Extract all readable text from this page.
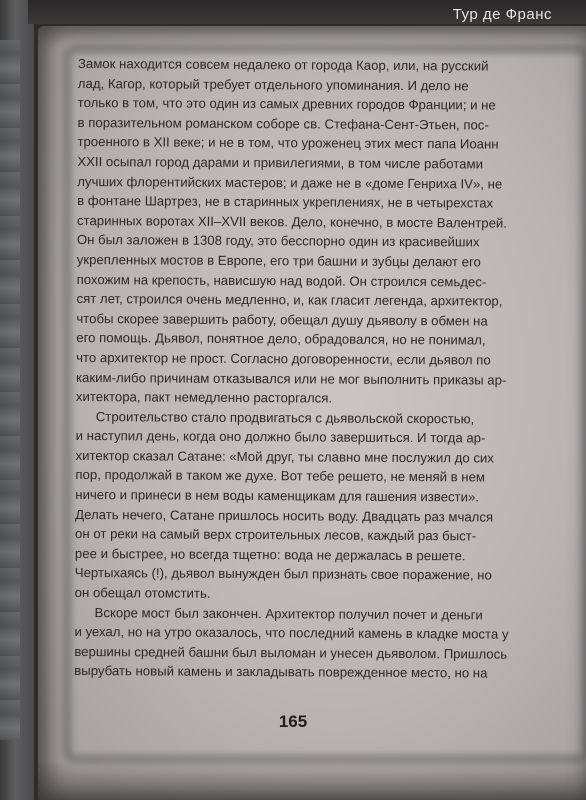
Тур де Франс
Замок находится совсем недалеко от города Каор, или, на русский
лад, Кагор, который требует отдельного упоминания. И дело не
только в том, что это один из самых древних городов Франции; и не
в поразительном романском соборе св. Стефана-Сент-Этьен, пос-
троенного в XII веке; и не в том, что уроженец этих мест папа Иоанн
XXII осыпал город дарами и привилегиями, в том числе работами
лучших флорентийских мастеров; и даже не в «доме Генриха IV», не
в фонтане Шартрез, не в старинных укреплениях, не в четырехстах
старинных воротах XII–XVII веков. Дело, конечно, в мосте Валентрей.
Он был заложен в 1308 году, это бесспорно один из красивейших
укрепленных мостов в Европе, его три башни и зубцы делают его
похожим на крепость, нависшую над водой. Он строился семьдес-
сят лет, строился очень медленно, и, как гласит легенда, архитектор,
чтобы скорее завершить работу, обещал душу дьяволу в обмен на
его помощь. Дьявол, понятное дело, обрадовался, но не понимал,
что архитектор не прост. Согласно договоренности, если дьявол по
каким-либо причинам отказывался или не мог выполнить приказы ар-
хитектора, пакт немедленно расторгался.
Строительство стало продвигаться с дьявольской скоростью,
и наступил день, когда оно должно было завершиться. И тогда ар-
хитектор сказал Сатане: «Мой друг, ты славно мне послужил до сих
пор, продолжай в таком же духе. Вот тебе решето, не меняй в нем
ничего и принеси в нем воды каменщикам для гашения извести».
Делать нечего, Сатане пришлось носить воду. Двадцать раз мчался
он от реки на самый верх строительных лесов, каждый раз быст-
рее и быстрее, но всегда тщетно: вода не держалась в решете.
Чертыхаясь (!), дьявол вынужден был признать свое поражение, но
он обещал отомстить.
Вскоре мост был закончен. Архитектор получил почет и деньги
и уехал, но на утро оказалось, что последний камень в кладке моста у
вершины средней башни был выломан и унесен дьяволом. Пришлось
вырубать новый камень и закладывать поврежденное место, но на
165
